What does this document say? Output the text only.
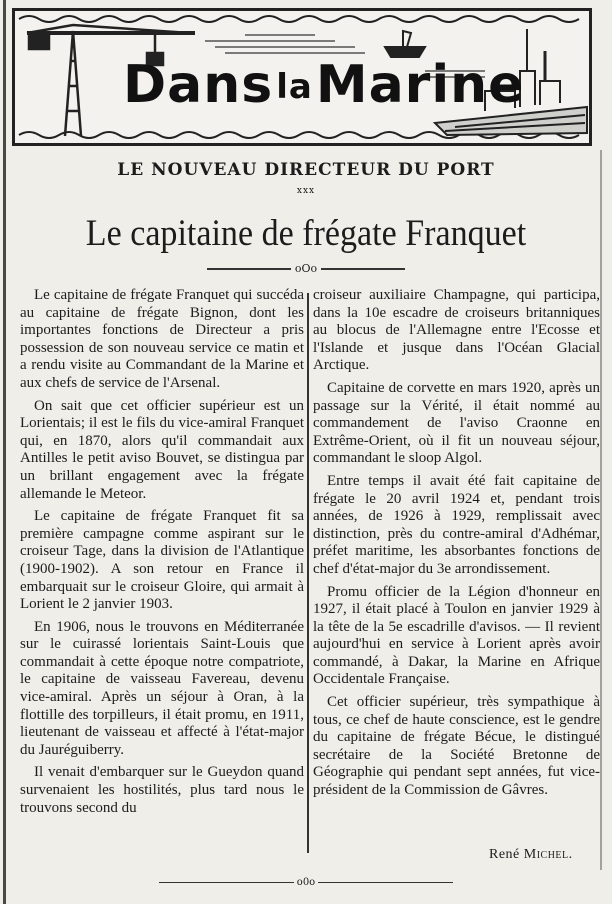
DanslaMarine
LE NOUVEAU DIRECTEUR DU PORT
xxx
Le capitaine de frégate Franquet
oOo

Le capitaine de frégate Franquet qui succéda au capitaine de frégate Bignon, dont les importantes fonctions de Directeur a pris possession de son nouveau service ce matin et a rendu visite au Commandant de la Marine et aux chefs de service de l'Arsenal.

On sait que cet officier supérieur est un Lorientais; il est le fils du vice-amiral Franquet qui, en 1870, alors qu'il commandait aux Antilles le petit aviso Bouvet, se distingua par un brillant engagement avec la frégate allemande le Meteor.

Le capitaine de frégate Franquet fit sa première campagne comme aspirant sur le croiseur Tage, dans la division de l'Atlantique (1900-1902). A son retour en France il embarquait sur le croiseur Gloire, qui armait à Lorient le 2 janvier 1903.

En 1906, nous le trouvons en Méditerranée sur le cuirassé lorientais Saint-Louis que commandait à cette époque notre compatriote, le capitaine de vaisseau Favereau, devenu vice-amiral. Après un séjour à Oran, à la flottille des torpilleurs, il était promu, en 1911, lieutenant de vaisseau et affecté à l'état-major du Jauréguiberry.

Il venait d'embarquer sur le Gueydon quand survenaient les hostilités, plus tard nous le trouvons second du

croiseur auxiliaire Champagne, qui participa, dans la 10e escadre de croiseurs britanniques au blocus de l'Allemagne entre l'Ecosse et l'Islande et jusque dans l'Océan Glacial Arctique.

Capitaine de corvette en mars 1920, après un passage sur la Vérité, il était nommé au commandement de l'aviso Craonne en Extrême-Orient, où il fit un nouveau séjour, commandant le sloop Algol.

Entre temps il avait été fait capitaine de frégate le 20 avril 1924 et, pendant trois années, de 1926 à 1929, remplissait avec distinction, près du contre-amiral d'Adhémar, préfet maritime, les absorbantes fonctions de chef d'état-major du 3e arrondissement.

Promu officier de la Légion d'honneur en 1927, il était placé à Toulon en janvier 1929 à la tête de la 5e escadrille d'avisos. — Il revient aujourd'hui en service à Lorient après avoir commandé, à Dakar, la Marine en Afrique Occidentale Française.

Cet officier supérieur, très sympathique à tous, ce chef de haute conscience, est le gendre du capitaine de frégate Bécue, le distingué secrétaire de la Société Bretonne de Géographie qui pendant sept années, fut vice-président de la Commission de Gâvres.

René Michel.
o0o
